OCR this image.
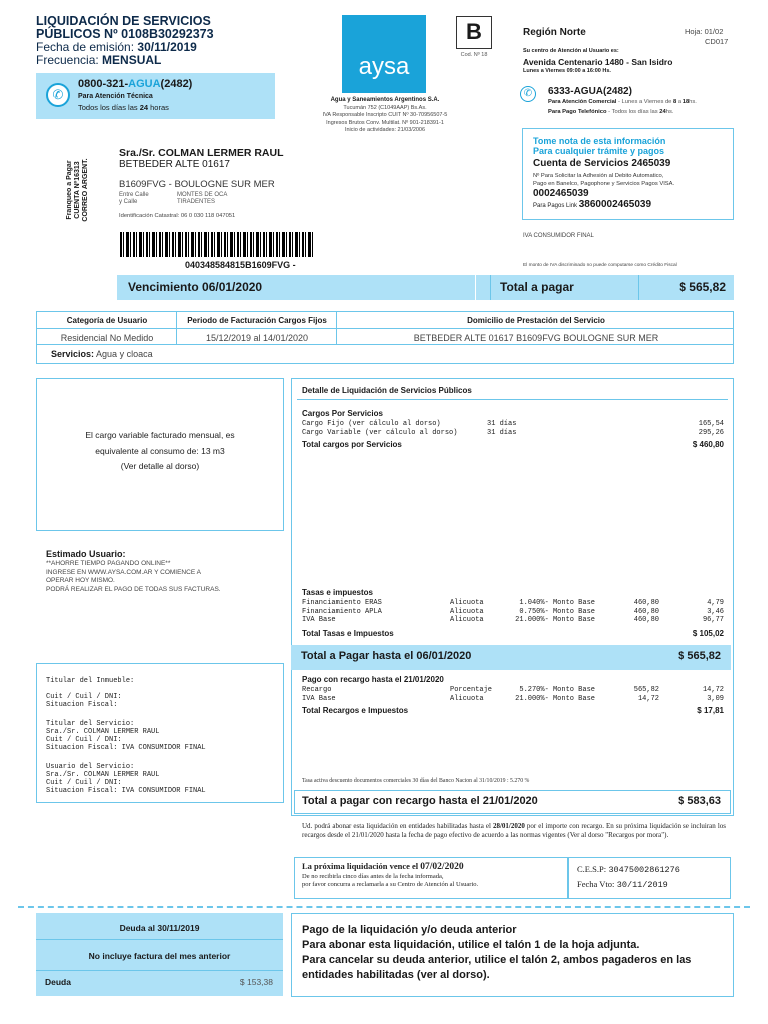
LIQUIDACIÓN DE SERVICIOS
PÚBLICOS Nº 0108B30292373
Fecha de emisión: 30/11/2019
Frecuencia: MENSUAL
✆
0800-321-AGUA(2482)
Para Atención Técnica
Todos los días las 24 horas
aysa
Agua y Saneamientos Argentinos S.A.
Tucumán 752 (C1049AAP) Bs.As.
IVA Responsable Inscripto CUIT Nº 30-70956507-5
Ingresos Brutos Conv. Multilat. Nº 901-218391-1
Inicio de actividades: 21/03/2006
B
Cod. Nº 18
Región Norte	Hoja: 01/02
CD017
Su centro de Atención al Usuario es:
Avenida Centenario 1480 - San Isidro
Lunes a Viernes 09:00 a 16:00 Hs.
✆	6333-AGUA(2482)
Para Atención Comercial - Lunes a Viernes de 8 a 18hs.
Para Pago Telefónico - Todos los días las 24hs.
Tome nota de esta información
Para cualquier trámite y pagos
Cuenta de Servicios 2465039
Nº Para Solicitar la Adhesión al Debito Automatico,
Pago en Banelco, Pagophone y Servicios Pagos VISA.
0002465039
Para Pagos Link 3860002465039
IVA CONSUMIDOR FINAL
El monto de IVA discriminado no puede computarse como Crédito Fiscal
Franqueo a Pagar CUENTA Nº16313 CORREO ARGENT.
Sra./Sr. COLMAN LERMER RAUL
BETBEDER ALTE 01617
B1609FVG - BOULOGNE SUR MER
Entre Calle
y Calle
MONTES DE OCA
TIRADENTES
Identificación Catastral: 06 0 030 118 047051
040348584815B1609FVG -
Vencimiento 06/01/2020	Total a pagar	$ 565,82
Categoría de Usuario	Periodo de Facturación Cargos Fijos	Domicilio de Prestación del Servicio
Residencial No Medido	15/12/2019 al 14/01/2020	BETBEDER ALTE 01617 B1609FVG BOULOGNE SUR MER
Servicios: Agua y cloaca
El cargo variable facturado mensual, es
equivalente al consumo de: 13 m3
(Ver detalle al dorso)
Estimado Usuario:
**AHORRE TIEMPO PAGANDO ONLINE**
INGRESE EN WWW.AYSA.COM.AR Y COMIENCE A
OPERAR HOY MISMO.
PODRÁ REALIZAR EL PAGO DE TODAS SUS FACTURAS.
Titular del Inmueble:
Cuit / Cuil / DNI:
Situacion Fiscal:
Titular del Servicio:
Sra./Sr. COLMAN LERMER RAUL
Cuit / Cuil / DNI:
Situacion Fiscal: IVA CONSUMIDOR FINAL
Usuario del Servicio:
Sra./Sr. COLMAN LERMER RAUL
Cuit / Cuil / DNI:
Situacion Fiscal: IVA CONSUMIDOR FINAL
Detalle de Liquidación de Servicios Públicos
Cargos Por Servicios
Cargo Fijo (ver cálculo al dorso)	31 días	165,54
Cargo Variable (ver cálculo al dorso)	31 días	295,26
Total cargos por Servicios	$ 460,80
Tasas e impuestos
Financiamiento ERAS	Alicuota	1.040%- Monto Base	460,80	4,79
Financiamiento APLA	Alicuota	0.750%- Monto Base	460,80	3,46
IVA Base	Alicuota	21.000%- Monto Base	460,80	96,77
Total Tasas e Impuestos	$ 105,02
Total a Pagar hasta el 06/01/2020	$ 565,82
Pago con recargo hasta el 21/01/2020
Recargo	Porcentaje	5.270%- Monto Base	565,82	14,72
IVA Base	Alicuota	21.000%- Monto Base	14,72	3,09
Total Recargos e Impuestos	$ 17,81
Tasa activa descuento documentos comerciales 30 días del Banco Nacion al 31/10/2019 : 5.270 %
Total a pagar con recargo hasta el 21/01/2020	$ 583,63
Ud. podrá abonar esta liquidación en entidades habilitadas hasta el 28/01/2020 por el importe con recargo. En su próxima liquidación se incluiran los recargos desde el 21/01/2020 hasta la fecha de pago efectivo de acuerdo a las normas vigentes (Ver al dorso "Recargos por mora").
La próxima liquidación vence el 07/02/2020
De no recibirla cinco días antes de la fecha informada,
por favor concurra a reclamarla a su Centro de Atención al Usuario.
C.E.S.P: 30475002861276
Fecha Vto: 30/11/2019
Deuda al 30/11/2019
No incluye factura del mes anterior
Deuda	$ 153,38
Pago de la liquidación y/o deuda anterior
Para abonar esta liquidación, utilice el talón 1 de la hoja adjunta.
Para cancelar su deuda anterior, utilice el talón 2, ambos pagaderos en las entidades habilitadas (ver al dorso).
